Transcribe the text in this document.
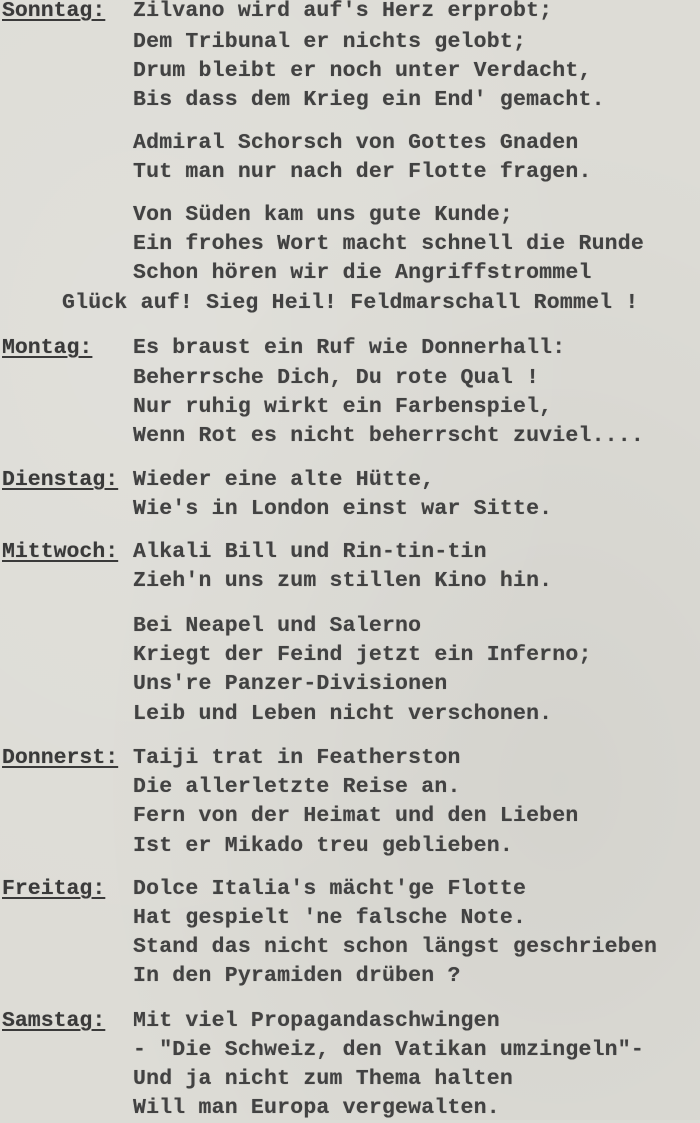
Sonntag: Zilvano wird auf's Herz erprobt;
Dem Tribunal er nichts gelobt;
Drum bleibt er noch unter Verdacht,
Bis dass dem Krieg ein End' gemacht.
Admiral Schorsch von Gottes Gnaden
Tut man nur nach der Flotte fragen.
Von Süden kam uns gute Kunde;
Ein frohes Wort macht schnell die Runde
Schon hören wir die Angriffstrommel
Glück auf! Sieg Heil! Feldmarschall Rommel !
Montag: Es braust ein Ruf wie Donnerhall:
Beherrsche Dich, Du rote Qual !
Nur ruhig wirkt ein Farbenspiel,
Wenn Rot es nicht beherrscht zuviel....
Dienstag: Wieder eine alte Hütte,
Wie's in London einst war Sitte.
Mittwoch: Alkali Bill und Rin-tin-tin
Zieh'n uns zum stillen Kino hin.
Bei Neapel und Salerno
Kriegt der Feind jetzt ein Inferno;
Uns're Panzer-Divisionen
Leib und Leben nicht verschonen.
Donnerst: Taiji trat in Featherston
Die allerletzte Reise an.
Fern von der Heimat und den Lieben
Ist er Mikado treu geblieben.
Freitag: Dolce Italia's mächt'ge Flotte
Hat gespielt 'ne falsche Note.
Stand das nicht schon längst geschrieben
In den Pyramiden drüben ?
Samstag: Mit viel Propagandaschwingen
- "Die Schweiz, den Vatikan umzingeln"-
Und ja nicht zum Thema halten
Will man Europa vergewalten.
